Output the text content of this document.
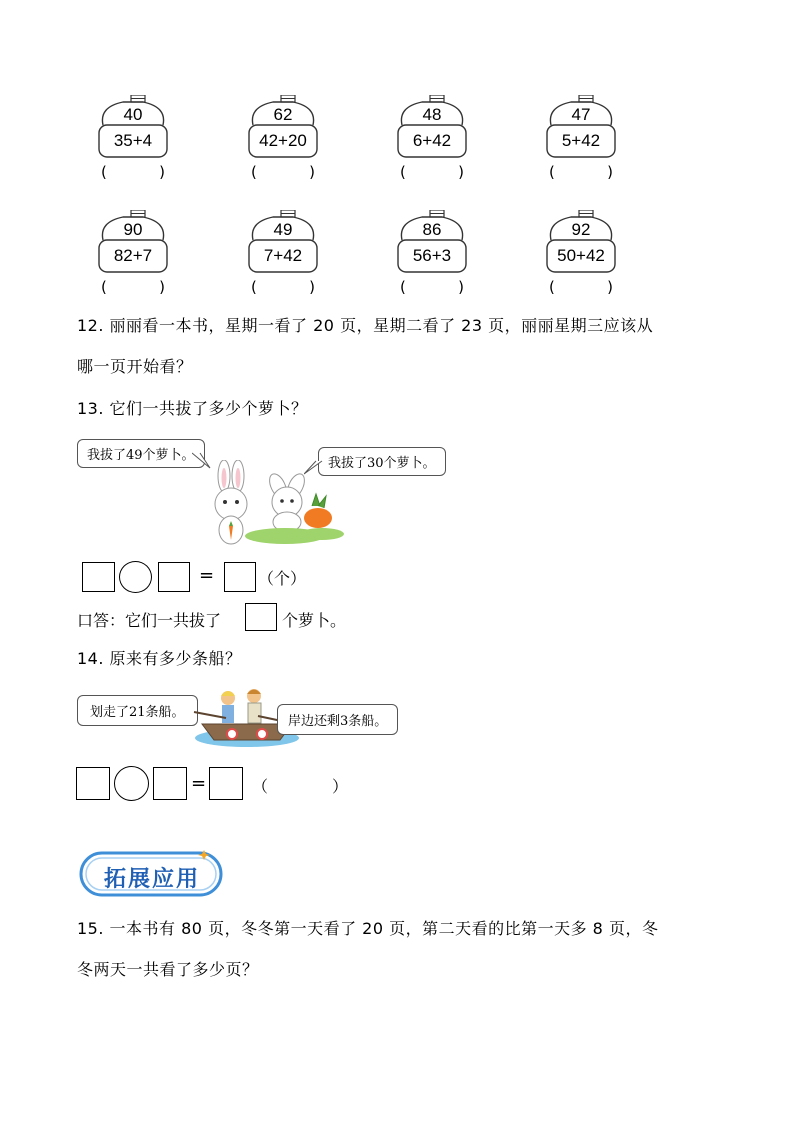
40
35+4
(	)
62
42+20
(	)
48
6+42
(	)
47
5+42
(	)
90
82+7
(	)
49
7+42
(	)
86
56+3
(	)
92
50+42
(	)
12. 丽丽看一本书，星期一看了 20 页，星期二看了 23 页，丽丽星期三应该从
哪一页开始看？
13. 它们一共拔了多少个萝卜？
我拔了49个萝卜。
我拔了30个萝卜。
=	（个）
口答：它们一共拔了	个萝卜。
14. 原来有多少条船？
划走了21条船。
岸边还剩3条船。
=	（	）
拓展应用
15. 一本书有 80 页，冬冬第一天看了 20 页，第二天看的比第一天多 8 页，冬
冬两天一共看了多少页？
